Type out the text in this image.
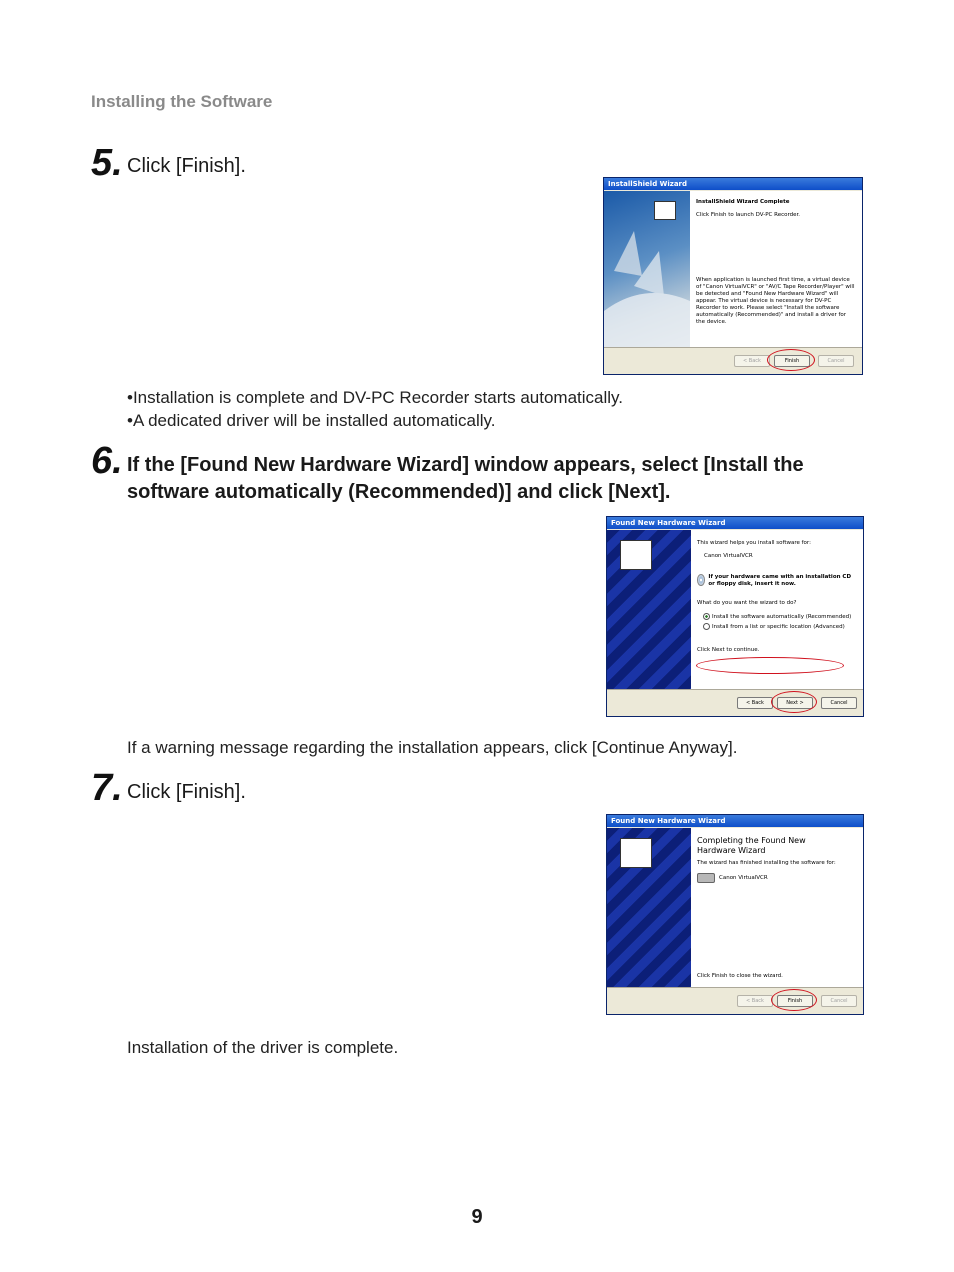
Installing the Software
5. Click [Finish].
InstallShield Wizard
InstallShield Wizard Complete
Click Finish to launch DV-PC Recorder.
When application is launched first time, a virtual device of "Canon VirtualVCR" or "AV/C Tape Recorder/Player" will be detected and "Found New Hardware Wizard" will appear. The virtual device is necessary for DV-PC Recorder to work. Please select "Install the software automatically (Recommended)" and install a driver for the device.
< Back	Finish	Cancel
• Installation is complete and DV-PC Recorder starts automatically.
• A dedicated driver will be installed automatically.
6. If the [Found New Hardware Wizard] window appears, select [Install the software automatically (Recommended)] and click [Next].
Found New Hardware Wizard
This wizard helps you install software for:
Canon VirtualVCR
If your hardware came with an installation CD or floppy disk, insert it now.
What do you want the wizard to do?
Install the software automatically (Recommended)
Install from a list or specific location (Advanced)
Click Next to continue.
< Back	Next >	Cancel
If a warning message regarding the installation appears, click [Continue Anyway].
7. Click [Finish].
Found New Hardware Wizard
Completing the Found New Hardware Wizard
The wizard has finished installing the software for:
Canon VirtualVCR
Click Finish to close the wizard.
< Back	Finish	Cancel
Installation of the driver is complete.
9
